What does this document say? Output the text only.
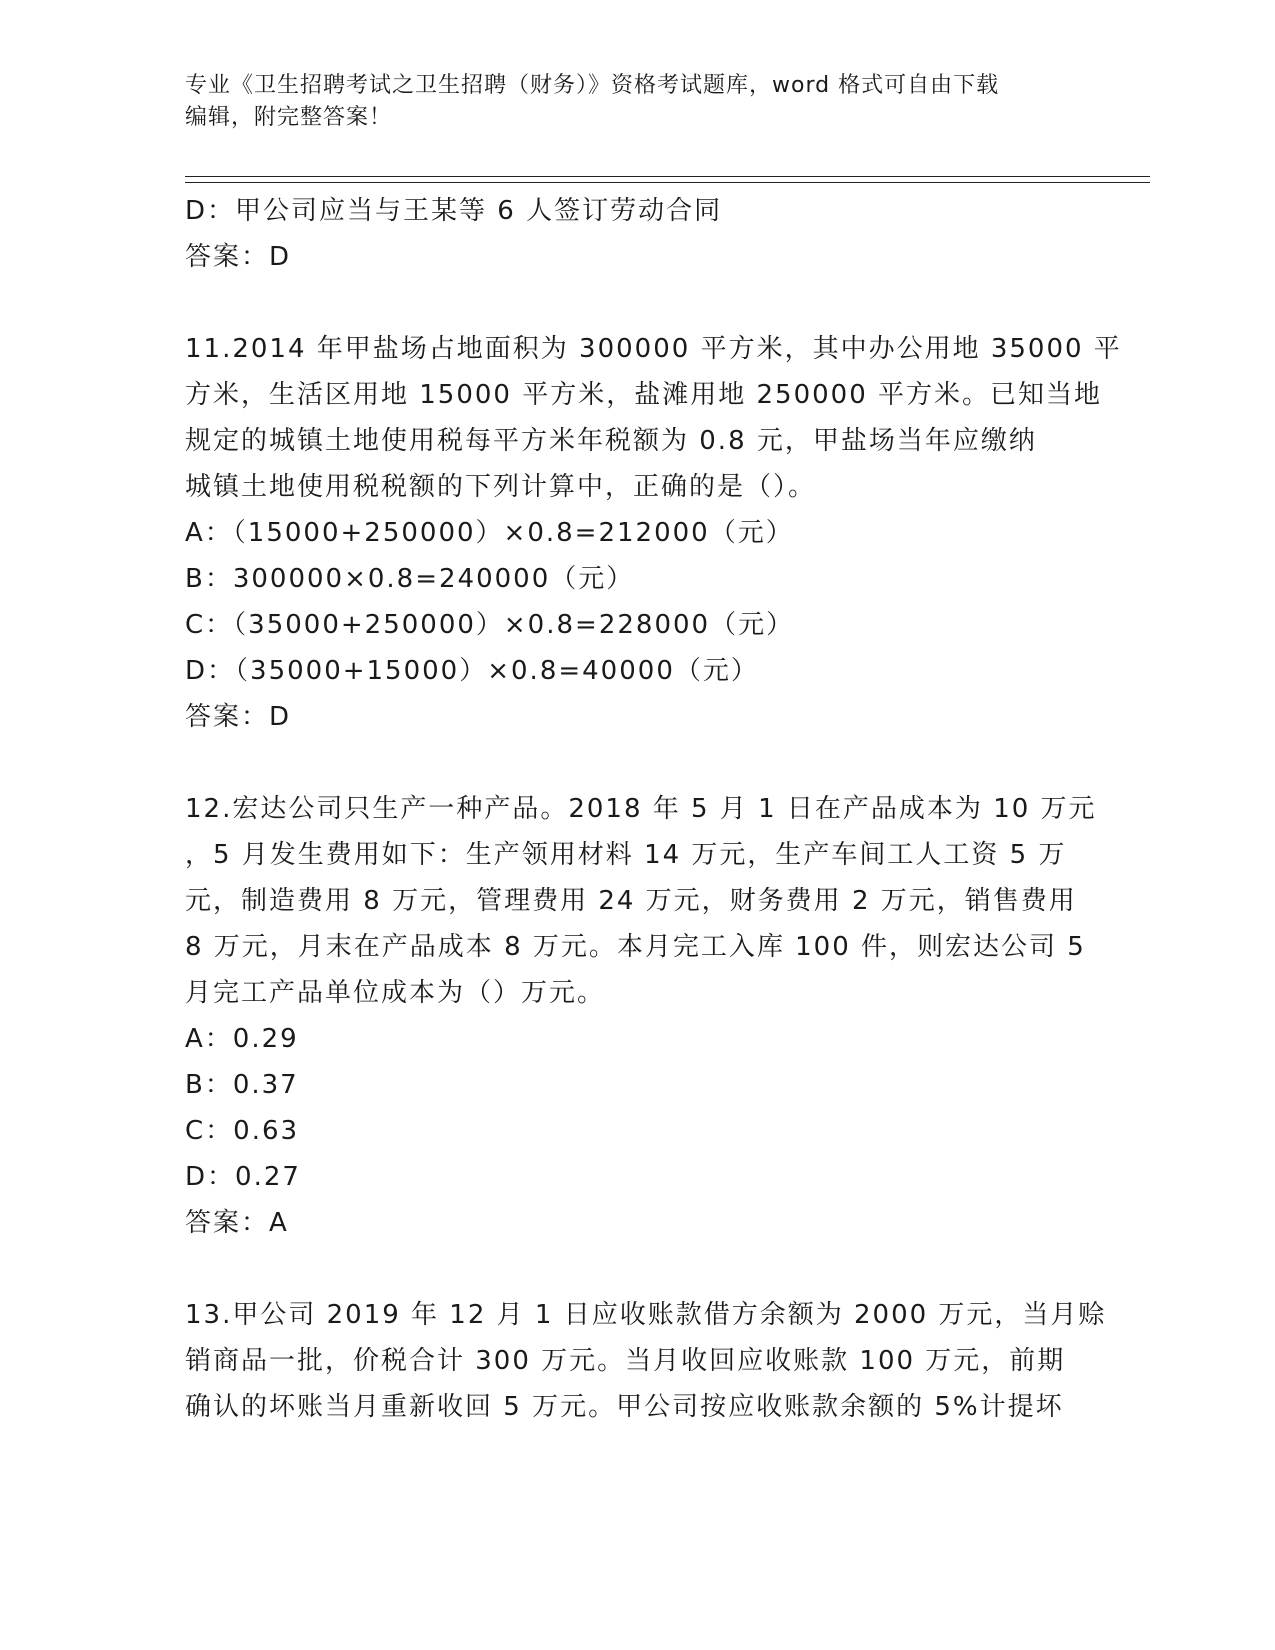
专业《卫生招聘考试之卫生招聘（财务）》资格考试题库，word 格式可自由下载
编辑，附完整答案！
D：甲公司应当与王某等 6 人签订劳动合同
答案：D
11.2014 年甲盐场占地面积为 300000 平方米，其中办公用地 35000 平
方米，生活区用地 15000 平方米，盐滩用地 250000 平方米。已知当地
规定的城镇土地使用税每平方米年税额为 0.8 元，甲盐场当年应缴纳
城镇土地使用税税额的下列计算中，正确的是（）。
A：（15000+250000）×0.8=212000（元）
B：300000×0.8=240000（元）
C：（35000+250000）×0.8=228000（元）
D：（35000+15000）×0.8=40000（元）
答案：D
12.宏达公司只生产一种产品。2018 年 5 月 1 日在产品成本为 10 万元
，5 月发生费用如下：生产领用材料 14 万元，生产车间工人工资 5 万
元，制造费用 8 万元，管理费用 24 万元，财务费用 2 万元，销售费用
8 万元，月末在产品成本 8 万元。本月完工入库 100 件，则宏达公司 5
月完工产品单位成本为（）万元。
A：0.29
B：0.37
C：0.63
D：0.27
答案：A
13.甲公司 2019 年 12 月 1 日应收账款借方余额为 2000 万元，当月赊
销商品一批，价税合计 300 万元。当月收回应收账款 100 万元，前期
确认的坏账当月重新收回 5 万元。甲公司按应收账款余额的 5%计提坏
